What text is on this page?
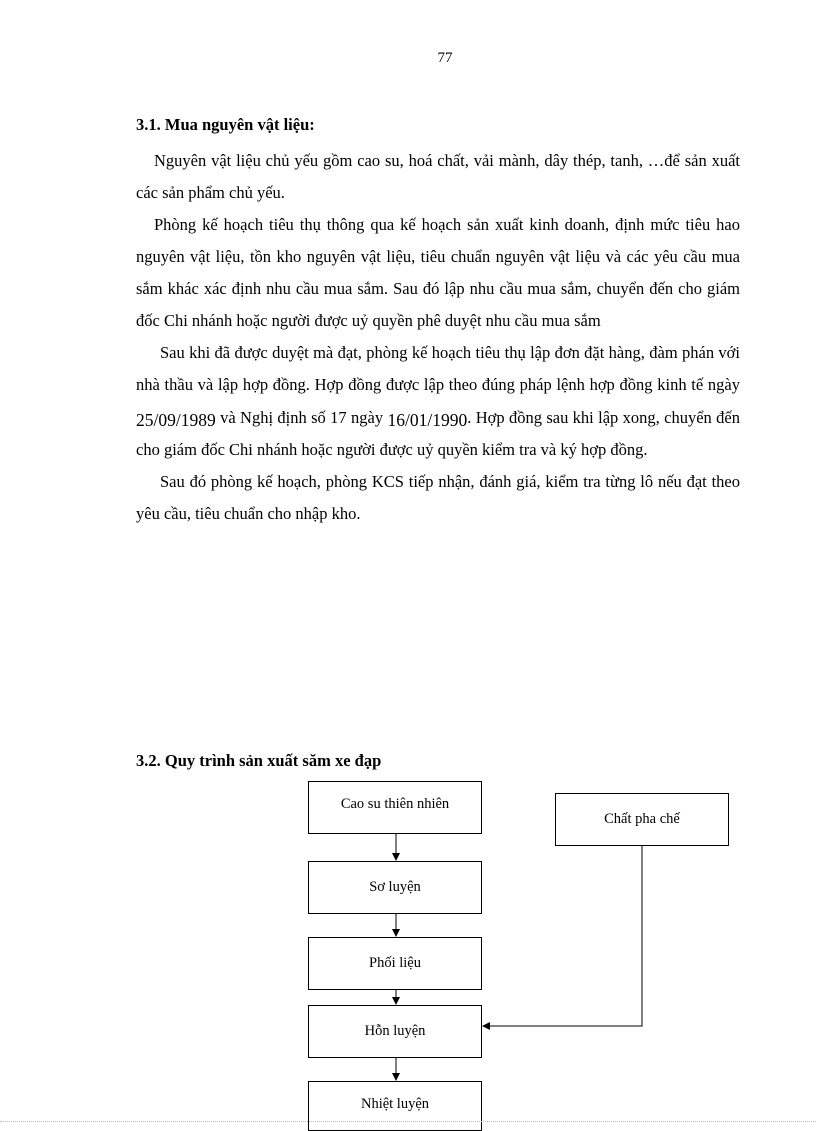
77
3.1. Mua nguyên vật liệu:

Nguyên vật liệu chủ yếu gồm cao su, hoá chất, vải mành, dây thép, tanh, …để sản xuất các sản phẩm chủ yếu.

Phòng kế hoạch tiêu thụ thông qua kế hoạch sản xuất kinh doanh, định mức tiêu hao nguyên vật liệu, tồn kho nguyên vật liệu, tiêu chuẩn nguyên vật liệu và các yêu cầu mua sắm khác xác định nhu cầu mua sắm. Sau đó lập nhu cầu mua sắm, chuyển đến cho giám đốc Chi nhánh hoặc người được uỷ quyền phê duyệt nhu cầu mua sắm

Sau khi đã được duyệt mà đạt, phòng kế hoạch tiêu thụ lập đơn đặt hàng, đàm phán với nhà thầu và lập hợp đồng. Hợp đồng được lập theo đúng pháp lệnh hợp đồng kinh tế ngày 25/09/1989 và Nghị định số 17 ngày 16/01/1990. Hợp đồng sau khi lập xong, chuyển đến cho giám đốc Chi nhánh hoặc người được uỷ quyền kiểm tra và ký hợp đồng.

Sau đó phòng kế hoạch, phòng KCS tiếp nhận, đánh giá, kiểm tra từng lô nếu đạt theo yêu cầu, tiêu chuẩn cho nhập kho.

3.2. Quy trình sản xuất săm xe đạp
Cao su thiên nhiên
Sơ luyện
Phối liệu
Hỗn luyện
Nhiệt luyện
Chất pha chế
